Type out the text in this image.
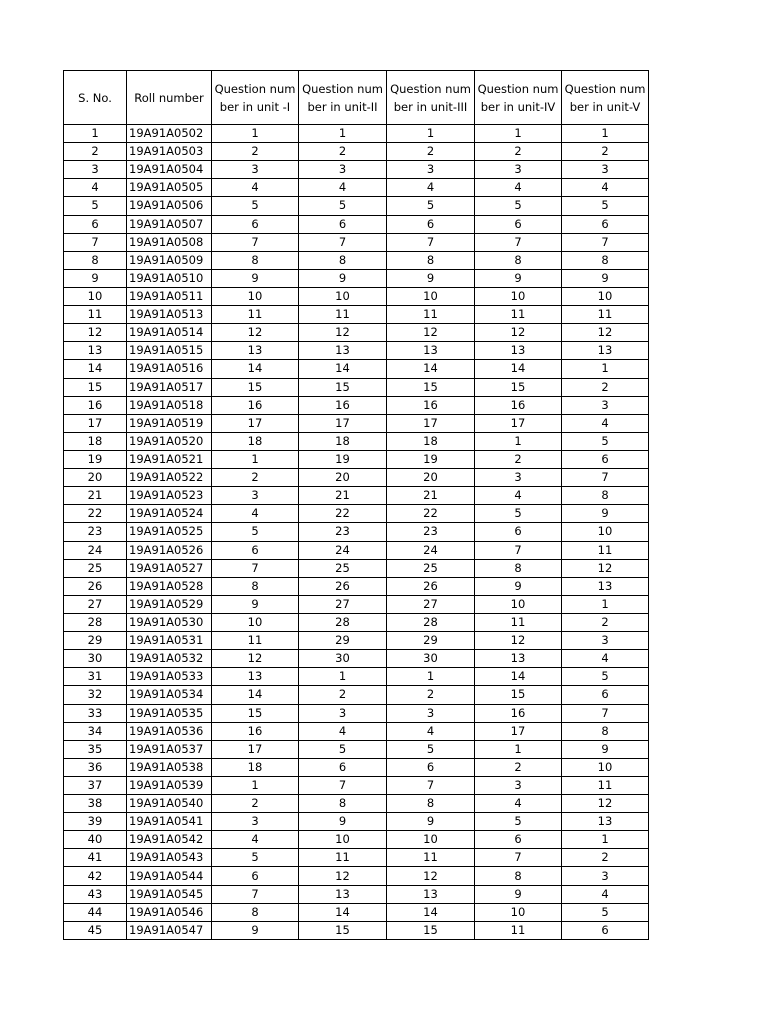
S. No.	Roll number	Question number in unit -I	Question number in unit-II	Question number in unit-III	Question number in unit-IV	Question number in unit-V

1	19A91A0502	1	1	1	1	1
2	19A91A0503	2	2	2	2	2
3	19A91A0504	3	3	3	3	3
4	19A91A0505	4	4	4	4	4
5	19A91A0506	5	5	5	5	5
6	19A91A0507	6	6	6	6	6
7	19A91A0508	7	7	7	7	7
8	19A91A0509	8	8	8	8	8
9	19A91A0510	9	9	9	9	9
10	19A91A0511	10	10	10	10	10
11	19A91A0513	11	11	11	11	11
12	19A91A0514	12	12	12	12	12
13	19A91A0515	13	13	13	13	13
14	19A91A0516	14	14	14	14	1
15	19A91A0517	15	15	15	15	2
16	19A91A0518	16	16	16	16	3
17	19A91A0519	17	17	17	17	4
18	19A91A0520	18	18	18	1	5
19	19A91A0521	1	19	19	2	6
20	19A91A0522	2	20	20	3	7
21	19A91A0523	3	21	21	4	8
22	19A91A0524	4	22	22	5	9
23	19A91A0525	5	23	23	6	10
24	19A91A0526	6	24	24	7	11
25	19A91A0527	7	25	25	8	12
26	19A91A0528	8	26	26	9	13
27	19A91A0529	9	27	27	10	1
28	19A91A0530	10	28	28	11	2
29	19A91A0531	11	29	29	12	3
30	19A91A0532	12	30	30	13	4
31	19A91A0533	13	1	1	14	5
32	19A91A0534	14	2	2	15	6
33	19A91A0535	15	3	3	16	7
34	19A91A0536	16	4	4	17	8
35	19A91A0537	17	5	5	1	9
36	19A91A0538	18	6	6	2	10
37	19A91A0539	1	7	7	3	11
38	19A91A0540	2	8	8	4	12
39	19A91A0541	3	9	9	5	13
40	19A91A0542	4	10	10	6	1
41	19A91A0543	5	11	11	7	2
42	19A91A0544	6	12	12	8	3
43	19A91A0545	7	13	13	9	4
44	19A91A0546	8	14	14	10	5
45	19A91A0547	9	15	15	11	6
